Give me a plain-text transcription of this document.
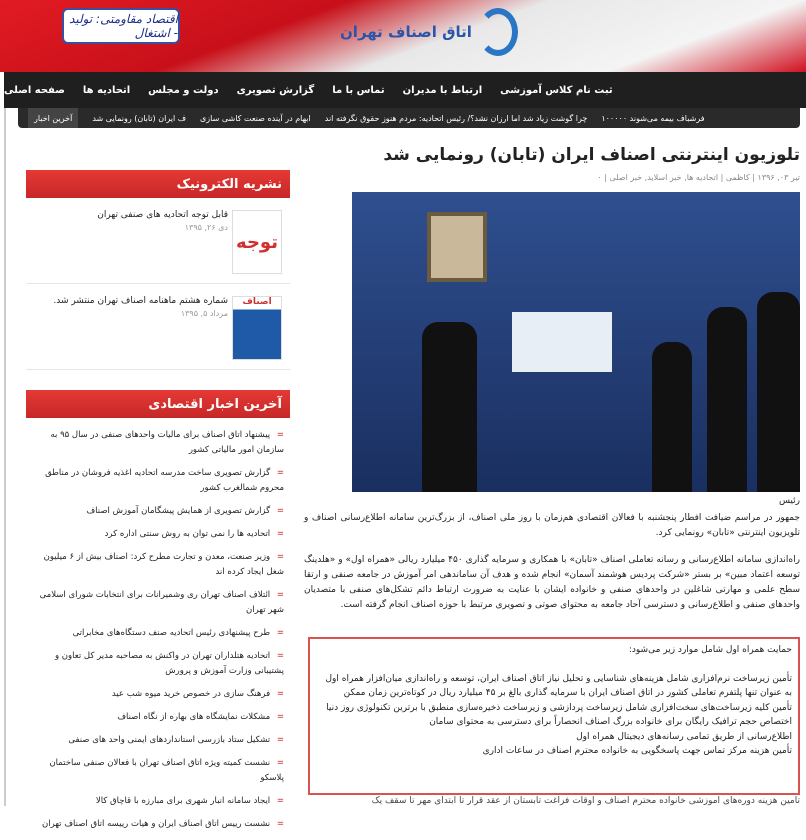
اقتصاد مقاومتی: تولید - اشتغال	اتاق اصناف تهران
صفحه اصلی اتحادیه ها دولت و مجلس گزارش تصویری تماس با ما ارتباط با مدیران ثبت نام کلاس آموزشی
آخرین اخبار	ف ایران (تابان) رونمایی شد ابهام در آینده صنعت کاشی سازی چرا گوشت زیاد شد اما ارزان نشد؟/ رئیس اتحادیه: مردم هنوز حقوق نگرفته اند فرشباف بیمه می‌شوند ۱۰۰۰۰۰
نشریه الکترونیک
توجه
قابل توجه اتحادیه های صنفی تهران
دی ۲۶, ۱۳۹۵
اصناف
شماره هشتم ماهنامه اصناف تهران منتشر شد.
مرداد ۵, ۱۳۹۵
آخرین اخبار اقتصادی
= پیشنهاد اتاق اصناف برای مالیات واحدهای صنفی در سال ۹۵ به سازمان امور مالیاتی کشور
= گزارش تصویری ساخت مدرسه اتحادیه اغذیه فروشان در مناطق محروم شمالغرب کشور
= گزارش تصویری از همایش پیشگامان آموزش اصناف
= اتحادیه ها را نمی توان به روش سنتی اداره کرد
= وزیر صنعت، معدن و تجارت مطرح کرد: اصناف بیش از ۶ میلیون شغل ایجاد کرده اند
= ائتلاف اصناف تهران ری وشمیرانات برای انتخابات شورای اسلامی شهر تهران
= طرح پیشنهادی رئیس اتحادیه صنف دستگاه‌های مخابراتی
= اتحادیه هتلداران تهران در واکنش به مصاحبه مدیر کل تعاون و پشتیبانی وزارت آموزش و پرورش
= فرهنگ سازی در خصوص خرید میوه شب عید
= مشکلات نمایشگاه های بهاره از نگاه اصناف
= تشکیل ستاد بازرسی استانداردهای ایمنی واحد های صنفی
= نشست کمیته ویژه اتاق اصناف تهران با فعالان صنفی ساختمان پلاسکو
= ایجاد سامانه انبار شهری برای مبارزه با قاچاق کالا
= نشست رییس اتاق اصناف ایران و هیات رییسه اتاق اصناف تهران
تلوزیون اینترنتی اصناف ایران (تابان) رونمایی شد
تیر ۰۳, ۱۳۹۶ | کاظمی | اتحادیه ها, خبر اسلاید, خبر اصلی | ۰
رئیس

جمهور در مراسم ضیافت افطار پنجشنبه با فعالان اقتصادی هم‌زمان با روز ملی اصناف، از بزرگ‌ترین سامانه اطلاع‌رسانی اصناف و تلویزیون اینترنتی «تابان» رونمایی کرد.

راه‌اندازی سامانه اطلاع‌رسانی و رسانه تعاملی اصناف «تابان» با همکاری و سرمایه گذاری ۴۵۰ میلیارد ریالی «همراه اول» و «هلدینگ توسعه اعتماد مبین» بر بستر «شرکت پردیس هوشمند آسمان» انجام شده و هدف آن ساماندهی امر آموزش در جامعه صنفی و ارتقا سطح علمی و مهارتی شاغلین در واحدهای صنفی و خانواده ایشان با عنایت به ضرورت ارتباط دائم تشکل‌های صنفی با متصدیان واحدهای صنفی و اطلاع‌رسانی و دسترسی آحاد جامعه به محتوای صوتی و تصویری مرتبط با حوزه اصناف انجام گرفته است.

حمایت همراه اول شامل موارد زیر می‌شود:
تأمین زیرساخت نرم‌افزاری شامل هزینه‌های شناسایی و تحلیل نیاز اتاق اصناف ایران، توسعه و راه‌اندازی میان‌افزار همراه اول به عنوان تنها پلتفرم تعاملی کشور در اتاق اصناف ایران با سرمایه گذاری بالغ بر ۴۵ میلیارد ریال در کوتاه‌ترین زمان ممکن
تأمین کلیه زیرساخت‌های سخت‌افزاری شامل زیرساخت پردازشی و زیرساخت ذخیره‌سازی منطبق با برترین تکنولوژی روز دنیا
اختصاص حجم ترافیک رایگان برای خانواده بزرگ اصناف انحصاراً برای دسترسی به محتوای سامان
اطلاع‌رسانی از طریق تمامی رسانه‌های دیجیتال همراه اول
تأمین هزینه مرکز تماس جهت پاسخگویی به خانواده محترم اصناف در ساعات اداری
تأمین هزینه دوره‌های آموزشی خانواده محترم اصناف و اوقات فراغت تابستان از عقد قرار تا ابتدای مهر تا سقف یک
